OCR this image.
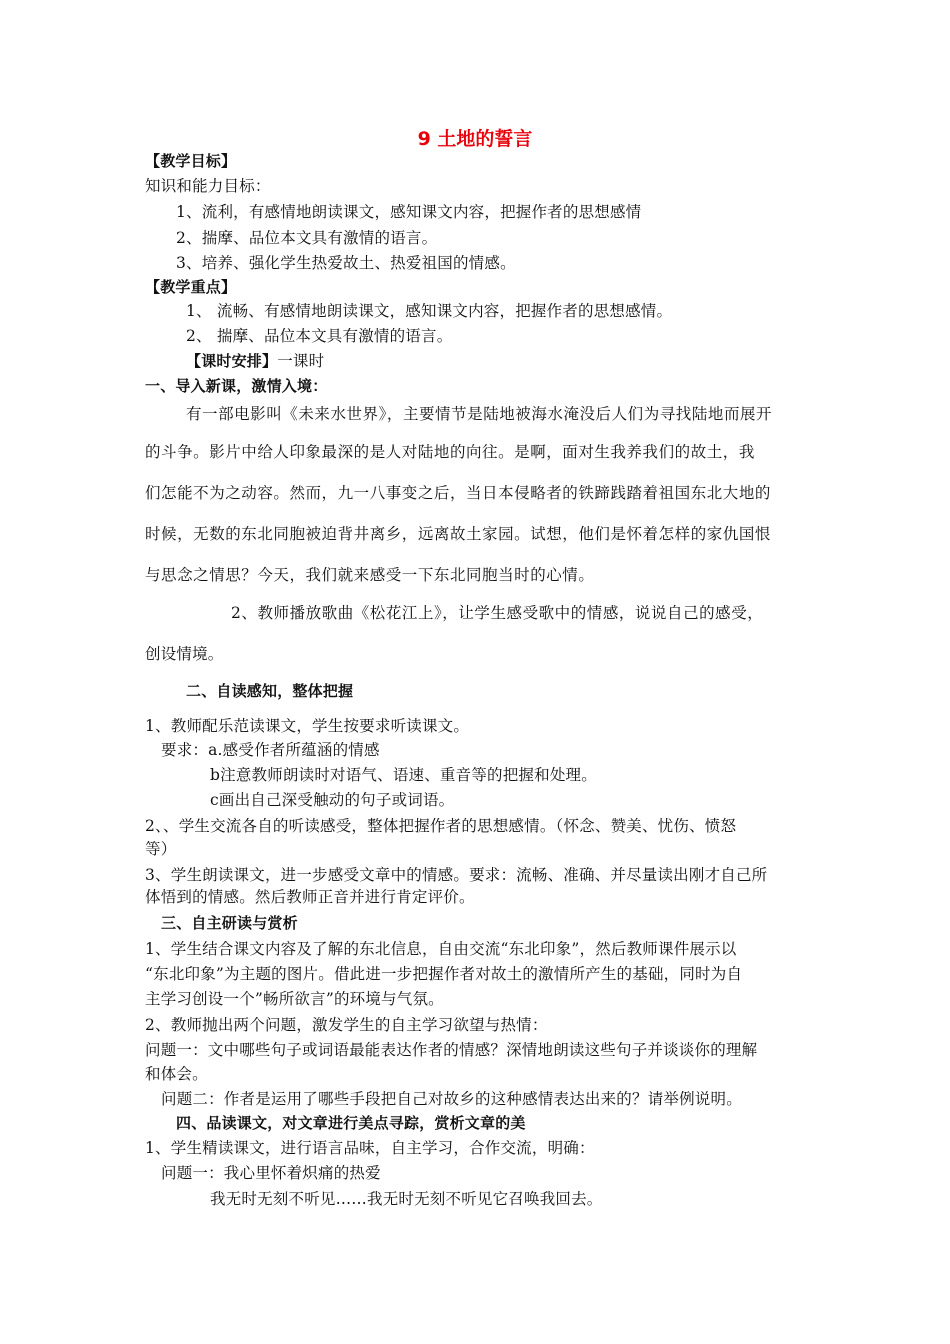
9 土地的誓言

【教学目标】

知识和能力目标：

1、流利，有感情地朗读课文，感知课文内容，把握作者的思想感情

2、揣摩、品位本文具有激情的语言。

3、培养、强化学生热爱故土、热爱祖国的情感。

【教学重点】

1、 流畅、有感情地朗读课文，感知课文内容，把握作者的思想感情。

2、 揣摩、品位本文具有激情的语言。

【课时安排】一课时

一、导入新课，激情入境：

有一部电影叫《未来水世界》，主要情节是陆地被海水淹没后人们为寻找陆地而展开

的斗争。影片中给人印象最深的是人对陆地的向往。是啊，面对生我养我们的故土，我

们怎能不为之动容。然而，九一八事变之后，当日本侵略者的铁蹄践踏着祖国东北大地的

时候，无数的东北同胞被迫背井离乡，远离故土家园。试想，他们是怀着怎样的家仇国恨

与思念之情思？今天，我们就来感受一下东北同胞当时的心情。

2、教师播放歌曲《松花江上》，让学生感受歌中的情感，说说自己的感受，

创设情境。

二、自读感知，整体把握

1、教师配乐范读课文，学生按要求听读课文。

要求：a.感受作者所蕴涵的情感

b注意教师朗读时对语气、语速、重音等的把握和处理。

c画出自己深受触动的句子或词语。

2、、学生交流各自的听读感受，整体把握作者的思想感情。（怀念、赞美、忧伤、愤怒

等）

3、学生朗读课文，进一步感受文章中的情感。要求：流畅、准确、并尽量读出刚才自己所

体悟到的情感。然后教师正音并进行肯定评价。

三、自主研读与赏析

1、学生结合课文内容及了解的东北信息，自由交流“东北印象”，然后教师课件展示以

“东北印象”为主题的图片。借此进一步把握作者对故土的激情所产生的基础，同时为自

主学习创设一个”畅所欲言”的环境与气氛。

2、教师抛出两个问题，激发学生的自主学习欲望与热情：

问题一：文中哪些句子或词语最能表达作者的情感？深情地朗读这些句子并谈谈你的理解

和体会。

问题二：作者是运用了哪些手段把自己对故乡的这种感情表达出来的？请举例说明。

四、品读课文，对文章进行美点寻踪，赏析文章的美

1、学生精读课文，进行语言品味，自主学习，合作交流，明确：

问题一：我心里怀着炽痛的热爱

我无时无刻不听见……我无时无刻不听见它召唤我回去。
